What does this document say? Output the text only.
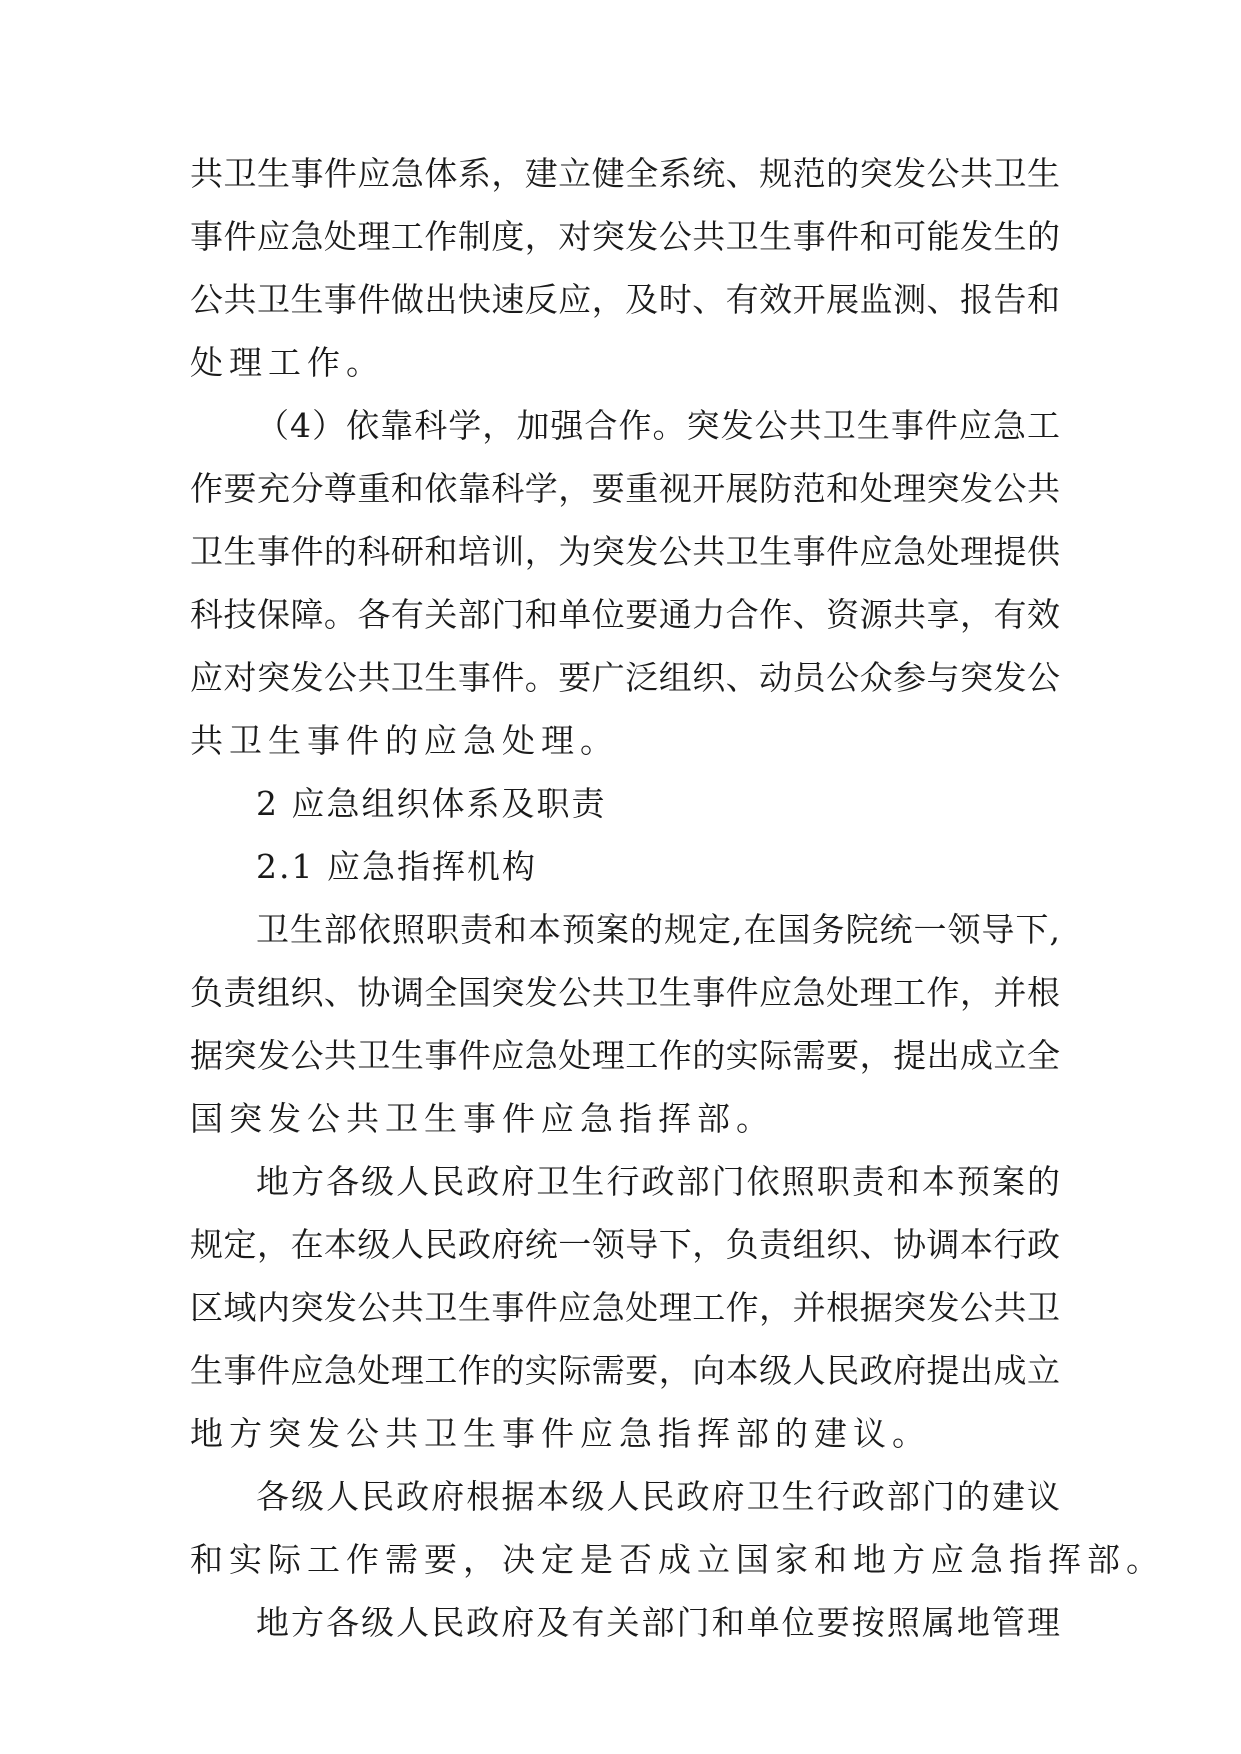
共卫生事件应急体系，建立健全系统、规范的突发公共卫生
事件应急处理工作制度，对突发公共卫生事件和可能发生的
公共卫生事件做出快速反应，及时、有效开展监测、报告和
处理工作。
（4）依靠科学，加强合作。突发公共卫生事件应急工
作要充分尊重和依靠科学，要重视开展防范和处理突发公共
卫生事件的科研和培训，为突发公共卫生事件应急处理提供
科技保障。各有关部门和单位要通力合作、资源共享，有效
应对突发公共卫生事件。要广泛组织、动员公众参与突发公
共卫生事件的应急处理。
2 应急组织体系及职责
2.1 应急指挥机构
卫生部依照职责和本预案的规定,在国务院统一领导下,
负责组织、协调全国突发公共卫生事件应急处理工作，并根
据突发公共卫生事件应急处理工作的实际需要，提出成立全
国突发公共卫生事件应急指挥部。
地方各级人民政府卫生行政部门依照职责和本预案的
规定，在本级人民政府统一领导下，负责组织、协调本行政
区域内突发公共卫生事件应急处理工作，并根据突发公共卫
生事件应急处理工作的实际需要，向本级人民政府提出成立
地方突发公共卫生事件应急指挥部的建议。
各级人民政府根据本级人民政府卫生行政部门的建议
和实际工作需要，决定是否成立国家和地方应急指挥部。
地方各级人民政府及有关部门和单位要按照属地管理
